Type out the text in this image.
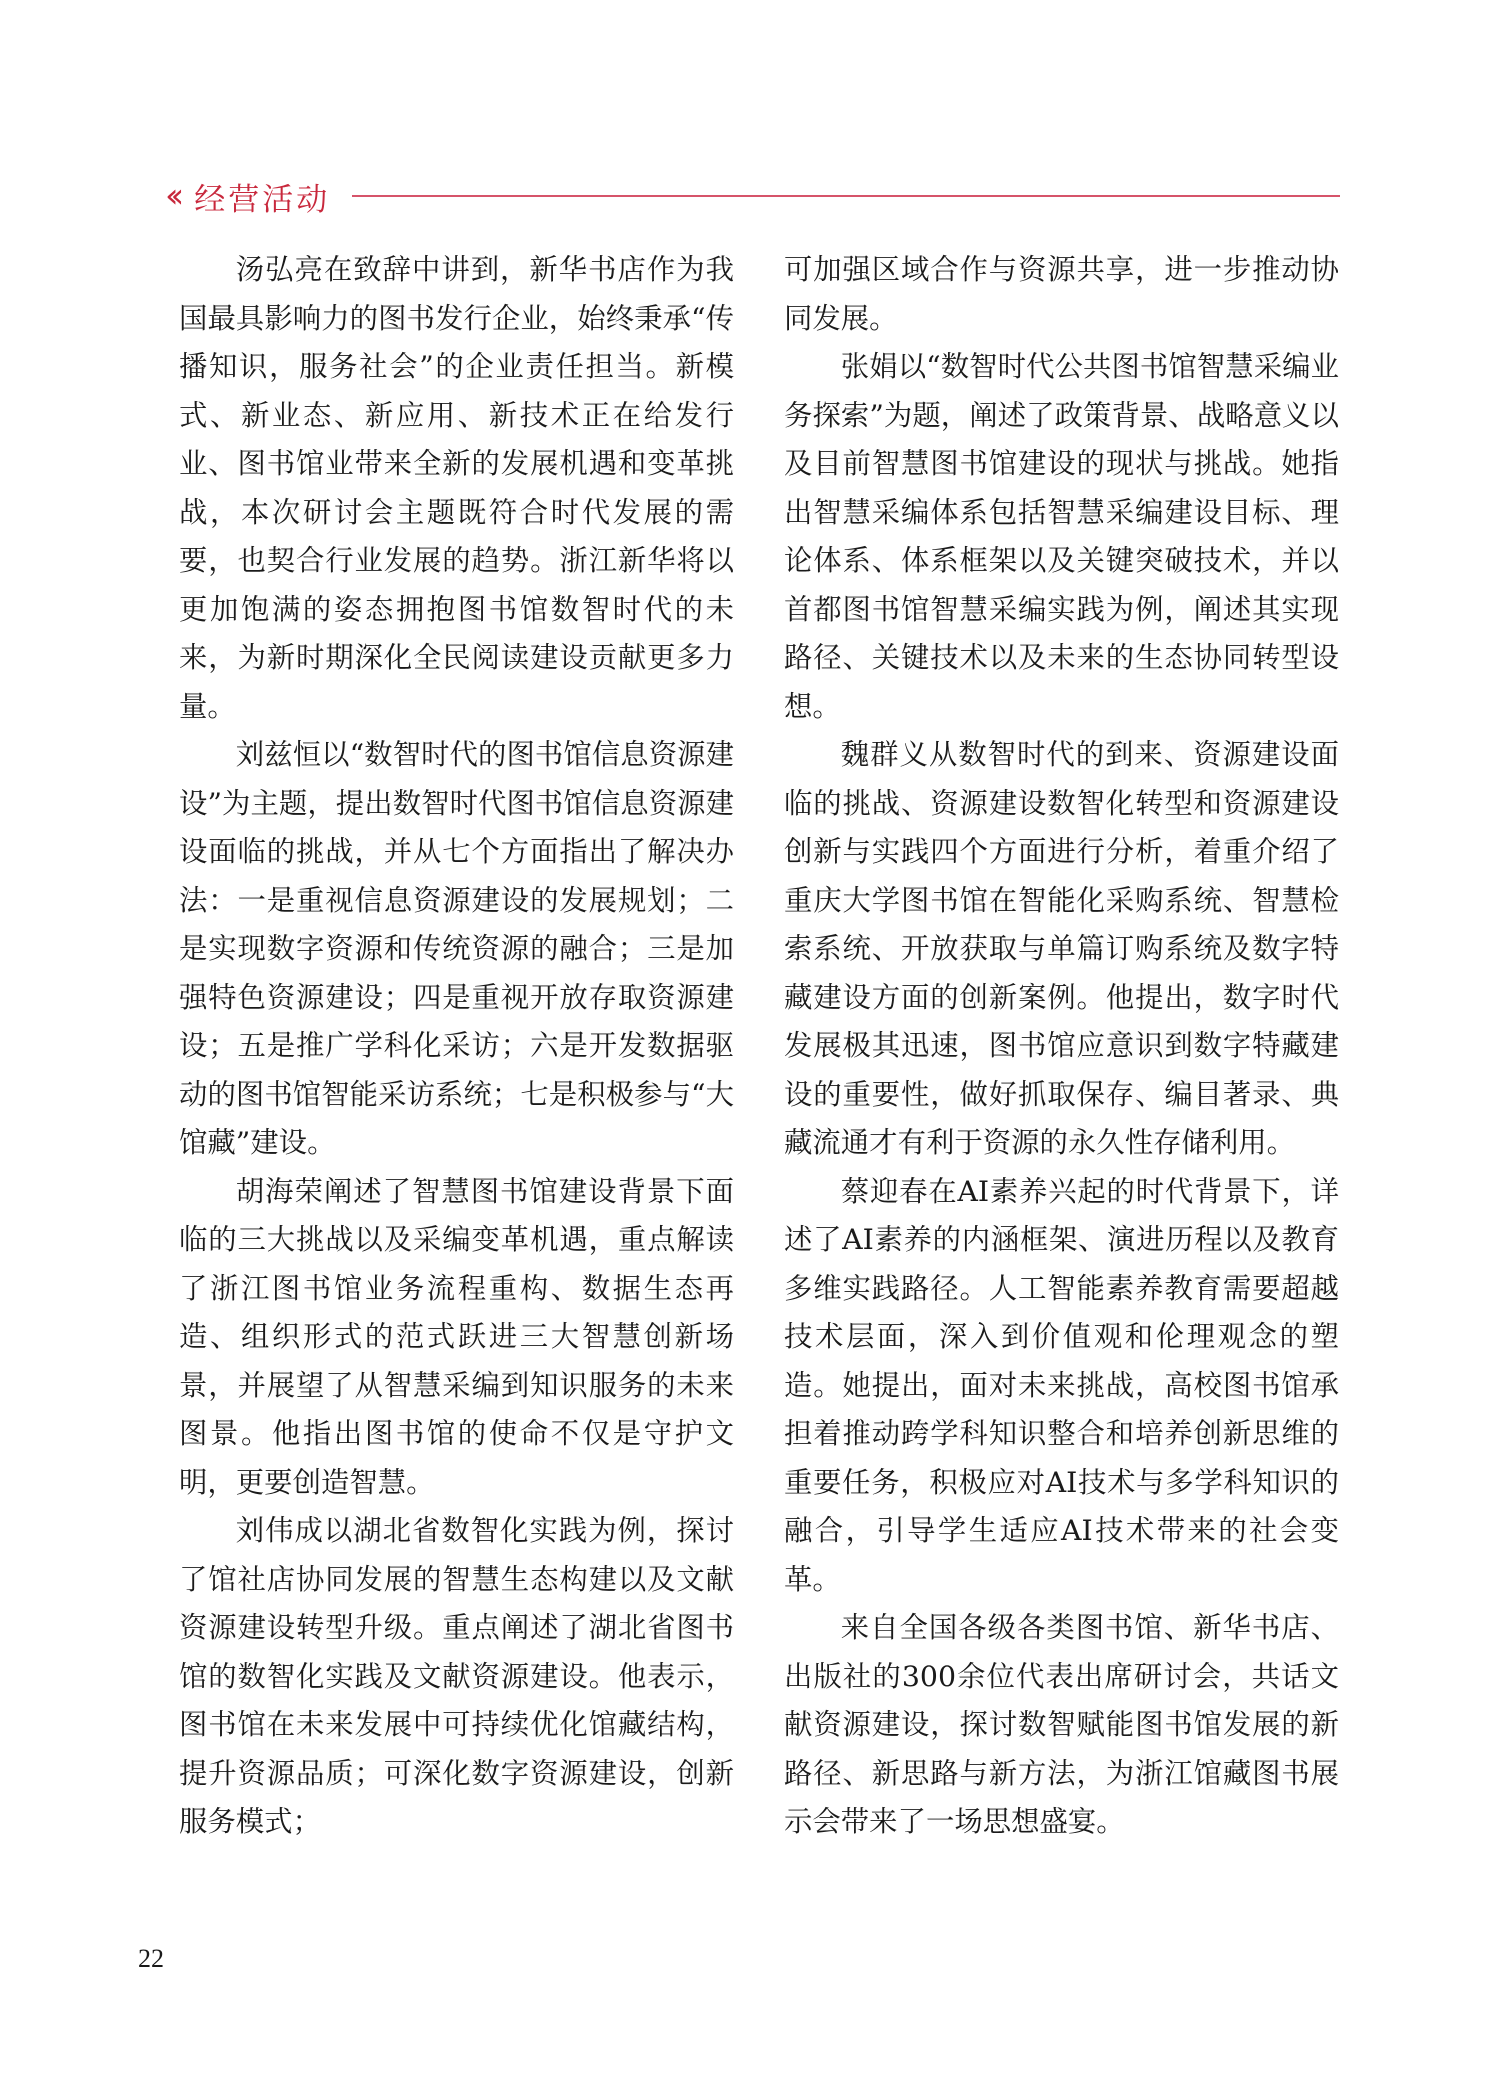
‹‹ 经营活动

汤弘亮在致辞中讲到，新华书店作为我国最具影响力的图书发行企业，始终秉承“传播知识，服务社会”的企业责任担当。新模式、新业态、新应用、新技术正在给发行业、图书馆业带来全新的发展机遇和变革挑战，本次研讨会主题既符合时代发展的需要，也契合行业发展的趋势。浙江新华将以更加饱满的姿态拥抱图书馆数智时代的未来，为新时期深化全民阅读建设贡献更多力量。

刘兹恒以“数智时代的图书馆信息资源建设”为主题，提出数智时代图书馆信息资源建设面临的挑战，并从七个方面指出了解决办法：一是重视信息资源建设的发展规划；二是实现数字资源和传统资源的融合；三是加强特色资源建设；四是重视开放存取资源建设；五是推广学科化采访；六是开发数据驱动的图书馆智能采访系统；七是积极参与“大馆藏”建设。

胡海荣阐述了智慧图书馆建设背景下面临的三大挑战以及采编变革机遇，重点解读了浙江图书馆业务流程重构、数据生态再造、组织形式的范式跃进三大智慧创新场景，并展望了从智慧采编到知识服务的未来图景。他指出图书馆的使命不仅是守护文明，更要创造智慧。

刘伟成以湖北省数智化实践为例，探讨了馆社店协同发展的智慧生态构建以及文献资源建设转型升级。重点阐述了湖北省图书馆的数智化实践及文献资源建设。他表示，图书馆在未来发展中可持续优化馆藏结构，提升资源品质；可深化数字资源建设，创新服务模式；

可加强区域合作与资源共享，进一步推动协同发展。

张娟以“数智时代公共图书馆智慧采编业务探索”为题，阐述了政策背景、战略意义以及目前智慧图书馆建设的现状与挑战。她指出智慧采编体系包括智慧采编建设目标、理论体系、体系框架以及关键突破技术，并以首都图书馆智慧采编实践为例，阐述其实现路径、关键技术以及未来的生态协同转型设想。

魏群义从数智时代的到来、资源建设面临的挑战、资源建设数智化转型和资源建设创新与实践四个方面进行分析，着重介绍了重庆大学图书馆在智能化采购系统、智慧检索系统、开放获取与单篇订购系统及数字特藏建设方面的创新案例。他提出，数字时代发展极其迅速，图书馆应意识到数字特藏建设的重要性，做好抓取保存、编目著录、典藏流通才有利于资源的永久性存储利用。

蔡迎春在AI素养兴起的时代背景下，详述了AI素养的内涵框架、演进历程以及教育多维实践路径。人工智能素养教育需要超越技术层面，深入到价值观和伦理观念的塑造。她提出，面对未来挑战，高校图书馆承担着推动跨学科知识整合和培养创新思维的重要任务，积极应对AI技术与多学科知识的融合，引导学生适应AI技术带来的社会变革。

来自全国各级各类图书馆、新华书店、出版社的300余位代表出席研讨会，共话文献资源建设，探讨数智赋能图书馆发展的新路径、新思路与新方法，为浙江馆藏图书展示会带来了一场思想盛宴。

22
